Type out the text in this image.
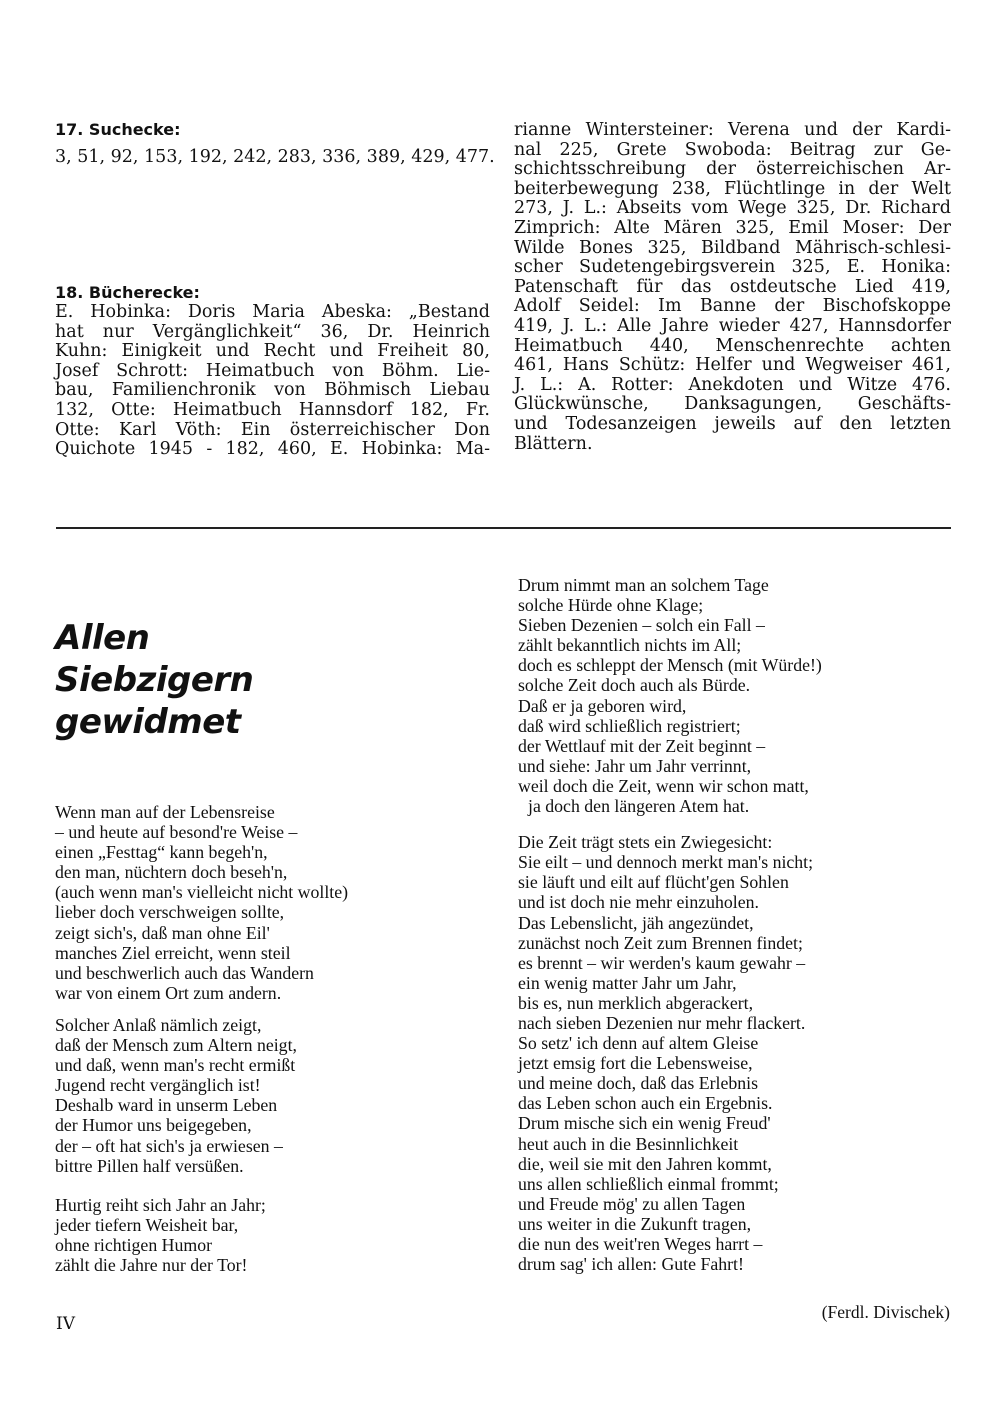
17. Suchecke:
3, 51, 92, 153, 192, 242, 283, 336, 389, 429, 477.
18. Bücherecke:
E. Hobinka: Doris Maria Abeska: „Bestand
hat nur Vergänglichkeit“ 36, Dr. Heinrich
Kuhn: Einigkeit und Recht und Freiheit 80,
Josef Schrott: Heimatbuch von Böhm. Lie-
bau, Familienchronik von Böhmisch Liebau
132, Otte: Heimatbuch Hannsdorf 182, Fr.
Otte: Karl Vöth: Ein österreichischer Don
Quichote 1945 - 182, 460, E. Hobinka: Ma-
rianne Wintersteiner: Verena und der Kardi-
nal 225, Grete Swoboda: Beitrag zur Ge-
schichtsschreibung der österreichischen Ar-
beiterbewegung 238, Flüchtlinge in der Welt
273, J. L.: Abseits vom Wege 325, Dr. Richard
Zimprich: Alte Mären 325, Emil Moser: Der
Wilde Bones 325, Bildband Mährisch-schlesi-
scher Sudetengebirgsverein 325, E. Honika:
Patenschaft für das ostdeutsche Lied 419,
Adolf Seidel: Im Banne der Bischofskoppe
419, J. L.: Alle Jahre wieder 427, Hannsdorfer
Heimatbuch 440, Menschenrechte achten
461, Hans Schütz: Helfer und Wegweiser 461,
J. L.: A. Rotter: Anekdoten und Witze 476.
Glückwünsche, Danksagungen, Geschäfts-
und Todesanzeigen jeweils auf den letzten
Blättern.
Allen
Siebzigern
gewidmet
Wenn man auf der Lebensreise
– und heute auf besond're Weise –
einen „Festtag“ kann begeh'n,
den man, nüchtern doch beseh'n,
(auch wenn man's vielleicht nicht wollte)
lieber doch verschweigen sollte,
zeigt sich's, daß man ohne Eil'
manches Ziel erreicht, wenn steil
und beschwerlich auch das Wandern
war von einem Ort zum andern.
Solcher Anlaß nämlich zeigt,
daß der Mensch zum Altern neigt,
und daß, wenn man's recht ermißt
Jugend recht vergänglich ist!
Deshalb ward in unserm Leben
der Humor uns beigegeben,
der – oft hat sich's ja erwiesen –
bittre Pillen half versüßen.
Hurtig reiht sich Jahr an Jahr;
jeder tiefern Weisheit bar,
ohne richtigen Humor
zählt die Jahre nur der Tor!
Drum nimmt man an solchem Tage
solche Hürde ohne Klage;
Sieben Dezenien – solch ein Fall –
zählt bekanntlich nichts im All;
doch es schleppt der Mensch (mit Würde!)
solche Zeit doch auch als Bürde.
Daß er ja geboren wird,
daß wird schließlich registriert;
der Wettlauf mit der Zeit beginnt –
und siehe: Jahr um Jahr verrinnt,
weil doch die Zeit, wenn wir schon matt,
ja doch den längeren Atem hat.
Die Zeit trägt stets ein Zwiegesicht:
Sie eilt – und dennoch merkt man's nicht;
sie läuft und eilt auf flücht'gen Sohlen
und ist doch nie mehr einzuholen.
Das Lebenslicht, jäh angezündet,
zunächst noch Zeit zum Brennen findet;
es brennt – wir werden's kaum gewahr –
ein wenig matter Jahr um Jahr,
bis es, nun merklich abgerackert,
nach sieben Dezenien nur mehr flackert.
So setz' ich denn auf altem Gleise
jetzt emsig fort die Lebensweise,
und meine doch, daß das Erlebnis
das Leben schon auch ein Ergebnis.
Drum mische sich ein wenig Freud'
heut auch in die Besinnlichkeit
die, weil sie mit den Jahren kommt,
uns allen schließlich einmal frommt;
und Freude mög' zu allen Tagen
uns weiter in die Zukunft tragen,
die nun des weit'ren Weges harrt –
drum sag' ich allen: Gute Fahrt!
(Ferdl. Divischek)
IV
